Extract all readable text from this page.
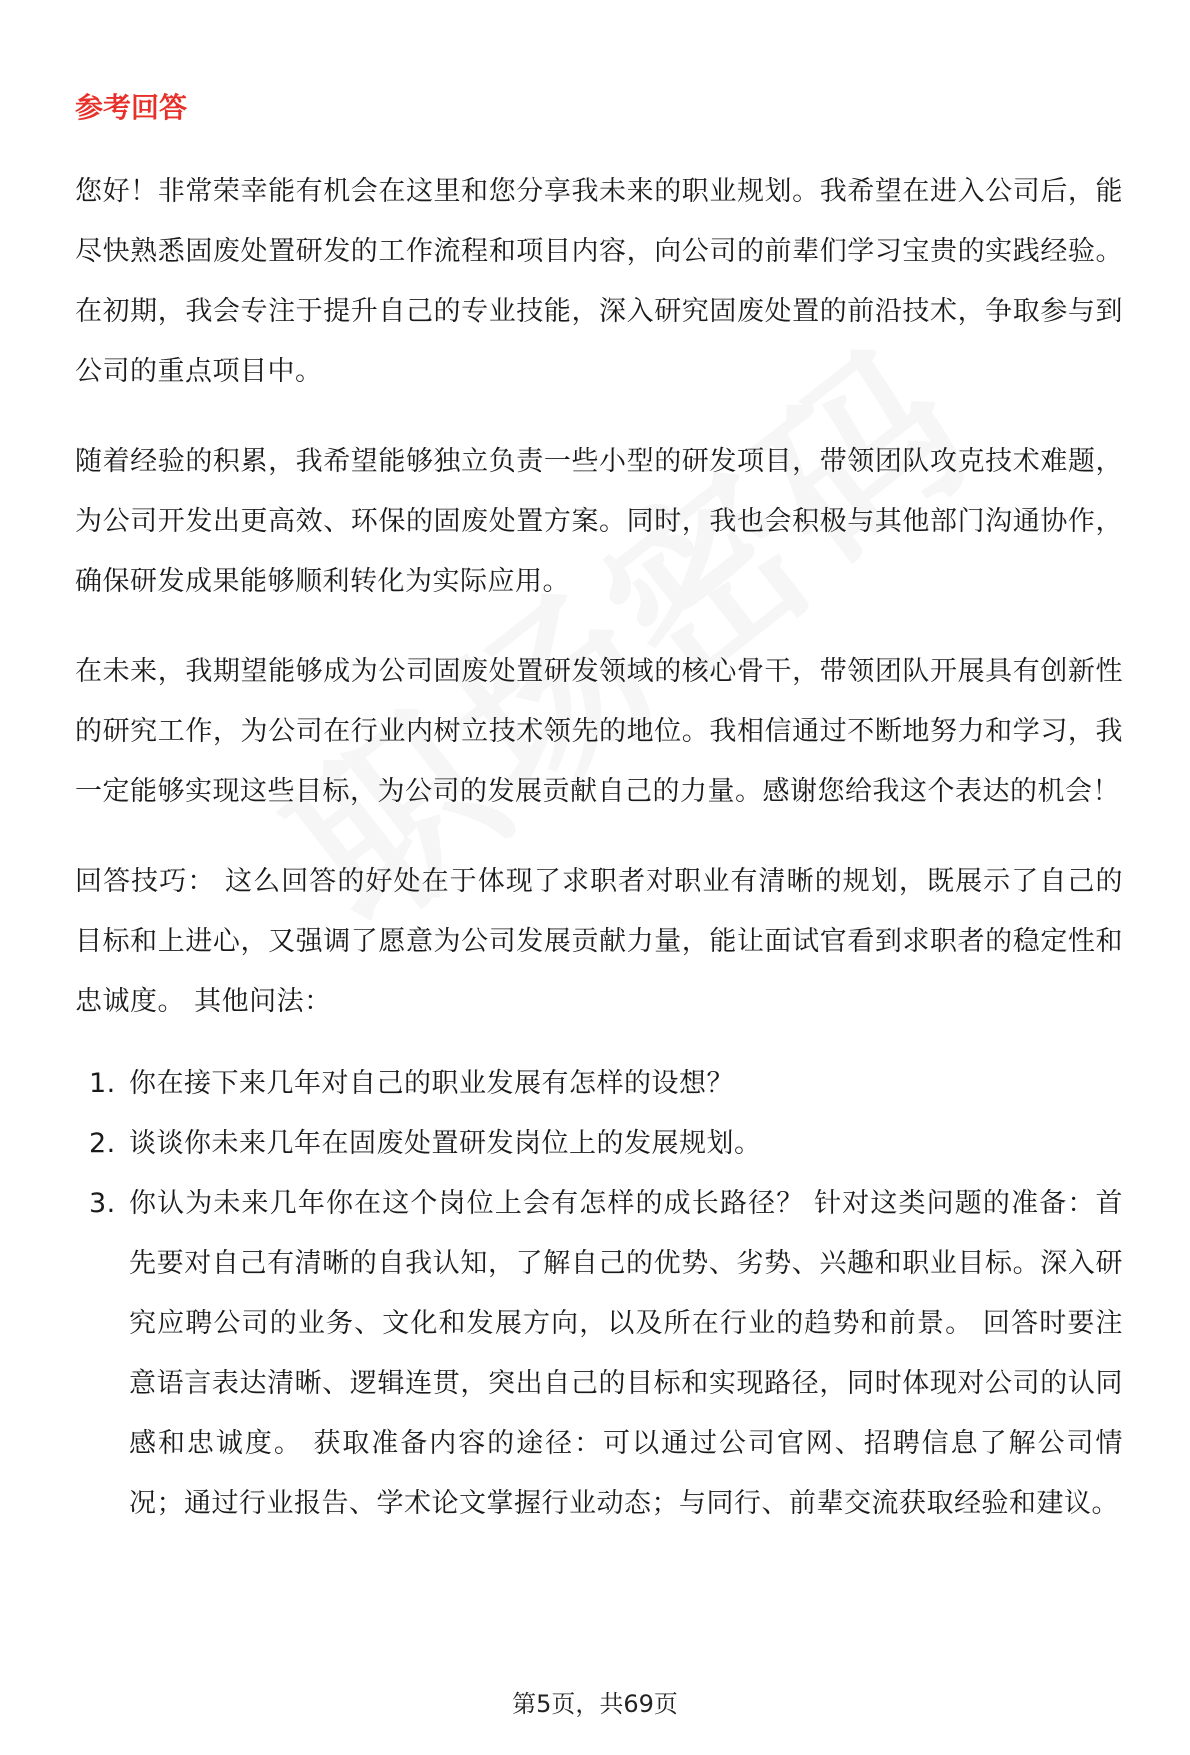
参考回答

您好！非常荣幸能有机会在这里和您分享我未来的职业规划。我希望在进入公司后，能尽快熟悉固废处置研发的工作流程和项目内容，向公司的前辈们学习宝贵的实践经验。在初期，我会专注于提升自己的专业技能，深入研究固废处置的前沿技术，争取参与到公司的重点项目中。

随着经验的积累，我希望能够独立负责一些小型的研发项目，带领团队攻克技术难题，为公司开发出更高效、环保的固废处置方案。同时，我也会积极与其他部门沟通协作，确保研发成果能够顺利转化为实际应用。

在未来，我期望能够成为公司固废处置研发领域的核心骨干，带领团队开展具有创新性的研究工作，为公司在行业内树立技术领先的地位。我相信通过不断地努力和学习，我一定能够实现这些目标，为公司的发展贡献自己的力量。感谢您给我这个表达的机会！

回答技巧： 这么回答的好处在于体现了求职者对职业有清晰的规划，既展示了自己的目标和上进心，又强调了愿意为公司发展贡献力量，能让面试官看到求职者的稳定性和忠诚度。 其他问法：

1. 你在接下来几年对自己的职业发展有怎样的设想？
2. 谈谈你未来几年在固废处置研发岗位上的发展规划。
3. 你认为未来几年你在这个岗位上会有怎样的成长路径？ 针对这类问题的准备：首先要对自己有清晰的自我认知，了解自己的优势、劣势、兴趣和职业目标。深入研究应聘公司的业务、文化和发展方向，以及所在行业的趋势和前景。 回答时要注意语言表达清晰、逻辑连贯，突出自己的目标和实现路径，同时体现对公司的认同感和忠诚度。 获取准备内容的途径：可以通过公司官网、招聘信息了解公司情况；通过行业报告、学术论文掌握行业动态；与同行、前辈交流获取经验和建议。
第5页，共69页
